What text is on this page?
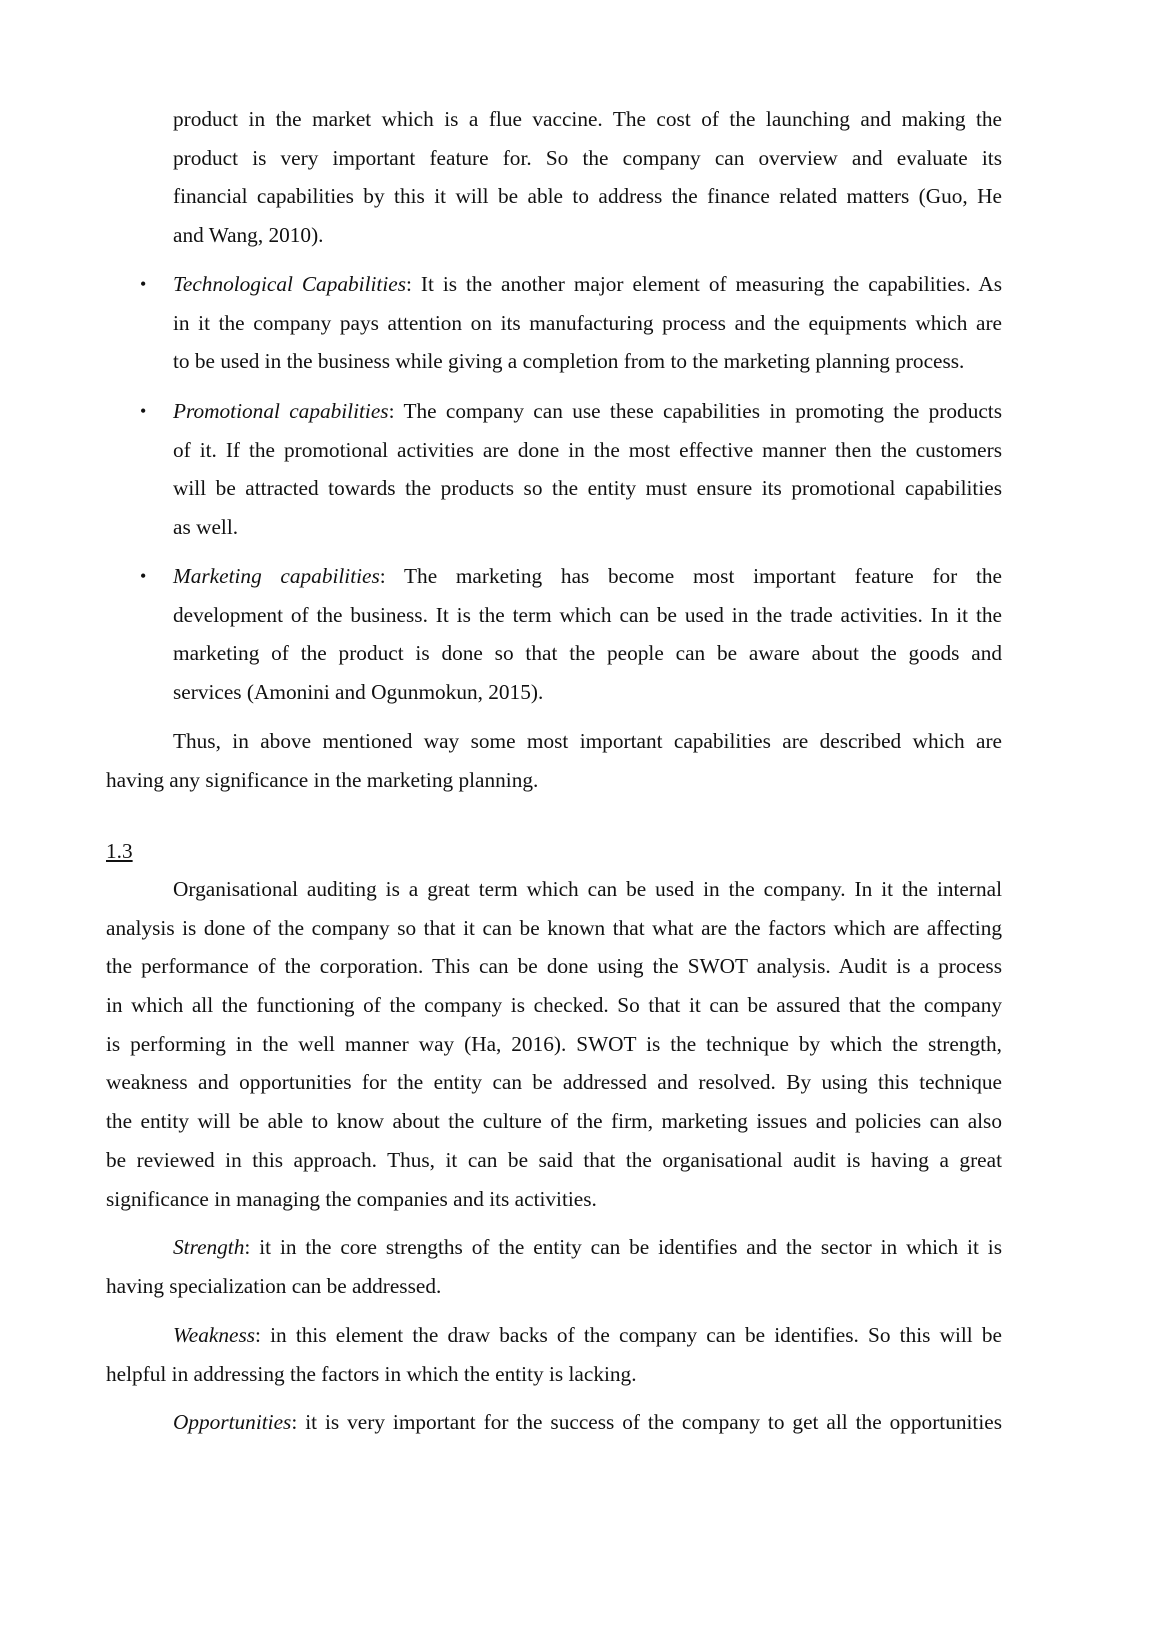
product in the market which is a flue vaccine. The cost of the launching and making the
product is very important feature for. So the company can overview and evaluate its
financial capabilities by this it will be able to address the finance related matters (Guo, He
and Wang, 2010).
• Technological Capabilities: It is the another major element of measuring the capabilities. As
in it the company pays attention on its manufacturing process and the equipments which are
to be used in the business while giving a completion from to the marketing planning process.
• Promotional capabilities: The company can use these capabilities in promoting the products
of it. If the promotional activities are done in the most effective manner then the customers
will be attracted towards the products so the entity must ensure its promotional capabilities
as well.
• Marketing capabilities: The marketing has become most important feature for the
development of the business. It is the term which can be used in the trade activities. In it the
marketing of the product is done so that the people can be aware about the goods and
services (Amonini and Ogunmokun, 2015).
Thus, in above mentioned way some most important capabilities are described which are
having any significance in the marketing planning.
1.3
Organisational auditing is a great term which can be used in the company. In it the internal
analysis is done of the company so that it can be known that what are the factors which are affecting
the performance of the corporation. This can be done using the SWOT analysis. Audit is a process
in which all the functioning of the company is checked. So that it can be assured that the company
is performing in the well manner way (Ha, 2016). SWOT is the technique by which the strength,
weakness and opportunities for the entity can be addressed and resolved. By using this technique
the entity will be able to know about the culture of the firm, marketing issues and policies can also
be reviewed in this approach. Thus, it can be said that the organisational audit is having a great
significance in managing the companies and its activities.
Strength: it in the core strengths of the entity can be identifies and the sector in which it is
having specialization can be addressed.
Weakness: in this element the draw backs of the company can be identifies. So this will be
helpful in addressing the factors in which the entity is lacking.
Opportunities: it is very important for the success of the company to get all the opportunities
